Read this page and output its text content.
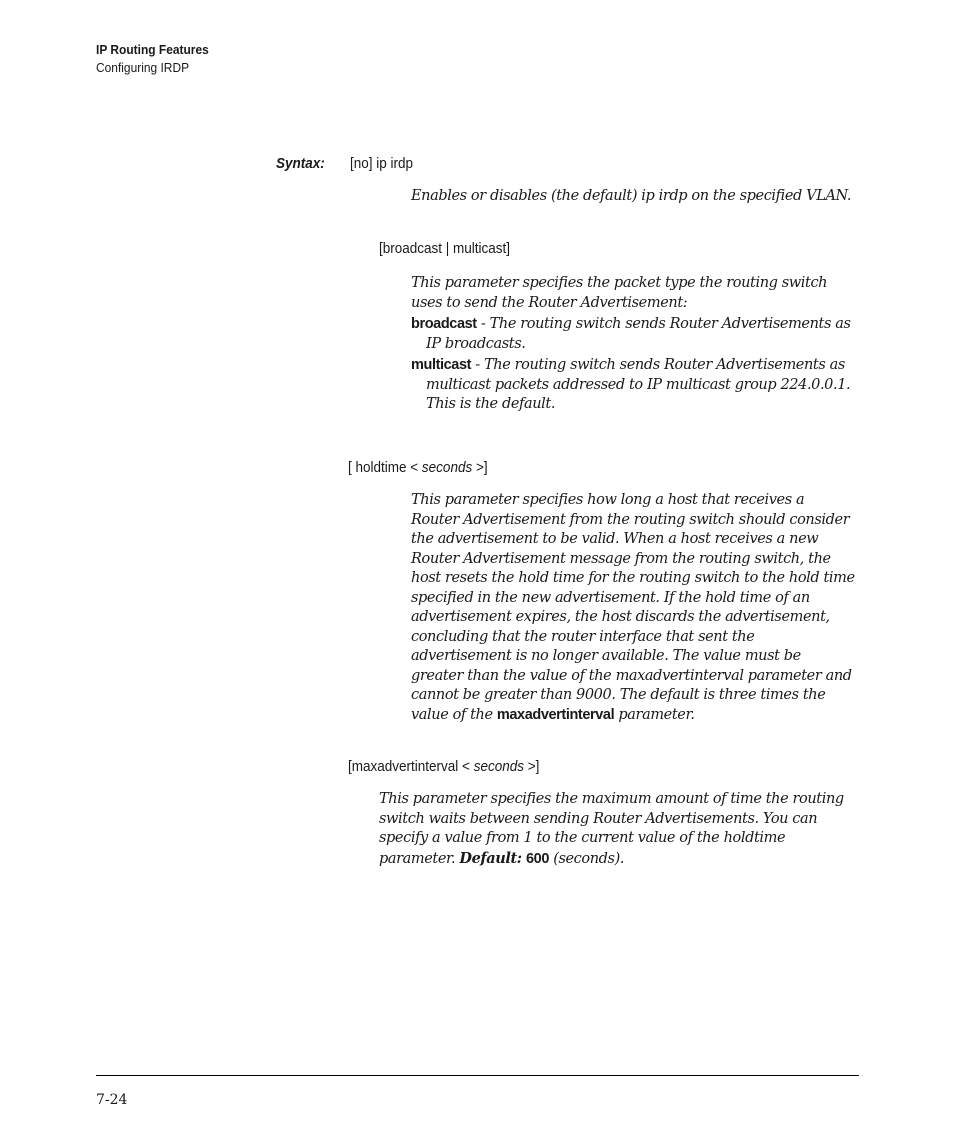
IP Routing Features
Configuring IRDP
Syntax: [no] ip irdp
Enables or disables (the default) ip irdp on the specified VLAN.
[broadcast | multicast]
This parameter specifies the packet type the routing switch uses to send the Router Advertisement:
broadcast - The routing switch sends Router Advertisements as IP broadcasts.
multicast - The routing switch sends Router Advertisements as multicast packets addressed to IP multicast group 224.0.0.1. This is the default.
[ holdtime < seconds >]
This parameter specifies how long a host that receives a Router Advertisement from the routing switch should consider the advertisement to be valid. When a host receives a new Router Advertisement message from the routing switch, the host resets the hold time for the routing switch to the hold time specified in the new advertisement. If the hold time of an advertisement expires, the host discards the advertisement, concluding that the router interface that sent the advertisement is no longer available. The value must be greater than the value of the maxadvertinterval parameter and cannot be greater than 9000. The default is three times the value of the maxadvertinterval parameter.
[maxadvertinterval < seconds >]
This parameter specifies the maximum amount of time the routing switch waits between sending Router Advertisements. You can specify a value from 1 to the current value of the holdtime parameter. Default: 600 (seconds).
7-24
